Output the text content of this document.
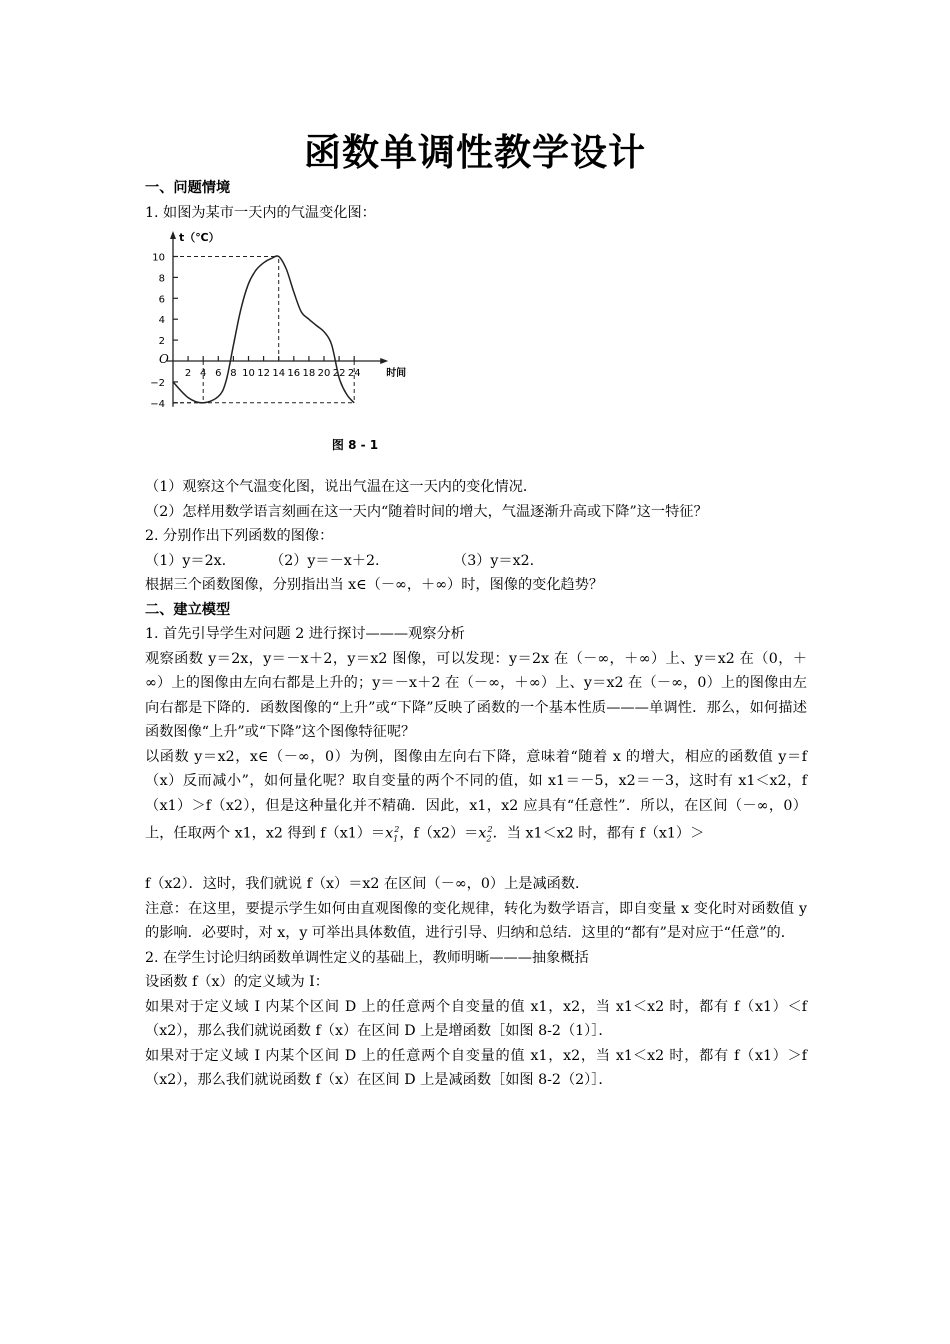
函数单调性教学设计

一、问题情境

1. 如图为某市一天内的气温变化图：

t（℃）
时间
O
2 4 6 8 10 12 14 16 18 20 22 24
−4
−2
2
4
6
8
10
图 8 - 1

（1）观察这个气温变化图，说出气温在这一天内的变化情况．

（2）怎样用数学语言刻画在这一天内“随着时间的增大，气温逐渐升高或下降”这一特征？

2. 分别作出下列函数的图像：

（1）y＝2x.	（2）y＝－x＋2.	（3）y＝x2.

根据三个函数图像，分别指出当 x∈（－∞，＋∞）时，图像的变化趋势？

二、建立模型

1. 首先引导学生对问题 2 进行探讨———观察分析

观察函数 y＝2x，y＝－x＋2，y＝x2 图像，可以发现：y＝2x 在（－∞，＋∞）上、y＝x2 在（0，＋∞）上的图像由左向右都是上升的；y＝－x＋2 在（－∞，＋∞）上、y＝x2 在（－∞，0）上的图像由左向右都是下降的．函数图像的“上升”或“下降”反映了函数的一个基本性质———单调性．那么，如何描述函数图像“上升”或“下降”这个图像特征呢？

以函数 y＝x2，x∈（－∞，0）为例，图像由左向右下降，意味着“随着 x 的增大，相应的函数值 y＝f（x）反而减小”，如何量化呢？取自变量的两个不同的值，如 x1＝－5，x2＝－3，这时有 x1＜x2，f（x1）＞f（x2），但是这种量化并不精确．因此，x1，x2 应具有“任意性”．所以，在区间（－∞，0）上，任取两个 x1，x2 得到 $f(x1)=x_1^2$，$f(x2)=x_2^2$．当 x1＜x2 时，都有 f（x1）＞

f（x2）．这时，我们就说 f（x）＝x2 在区间（－∞，0）上是减函数．

注意：在这里，要提示学生如何由直观图像的变化规律，转化为数学语言，即自变量 x 变化时对函数值 y 的影响．必要时，对 x，y 可举出具体数值，进行引导、归纳和总结．这里的“都有”是对应于“任意”的．

2. 在学生讨论归纳函数单调性定义的基础上，教师明晰———抽象概括

设函数 f（x）的定义域为 I：

如果对于定义域 I 内某个区间 D 上的任意两个自变量的值 x1，x2，当 x1＜x2 时，都有 f（x1）＜f（x2），那么我们就说函数 f（x）在区间 D 上是增函数［如图 8-2（1）］．

如果对于定义域 I 内某个区间 D 上的任意两个自变量的值 x1，x2，当 x1＜x2 时，都有 f（x1）＞f（x2），那么我们就说函数 f（x）在区间 D 上是减函数［如图 8-2（2）］．
